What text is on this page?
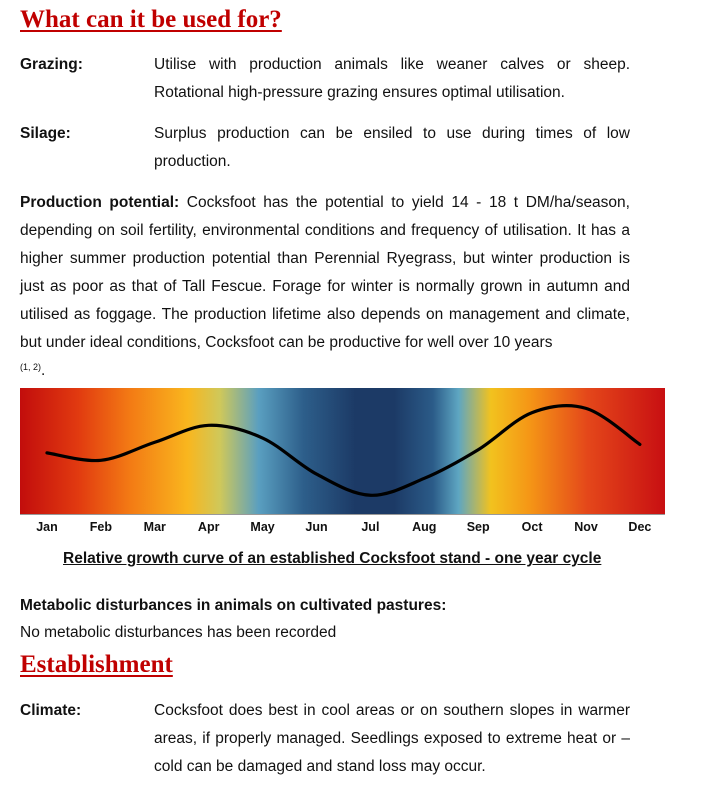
What can it be used for?
Grazing:	Utilise with production animals like weaner calves or sheep. Rotational high-pressure grazing ensures optimal utilisation.
Silage:	Surplus production can be ensiled to use during times of low production.

Production potential: Cocksfoot has the potential to yield 14 - 18 t DM/ha/season, depending on soil fertility, environmental conditions and frequency of utilisation. It has a higher summer production potential than Perennial Ryegrass, but winter production is just as poor as that of Tall Fescue. Forage for winter is normally grown in autumn and utilised as foggage. The production lifetime also depends on management and climate, but under ideal conditions, Cocksfoot can be productive for well over 10 years
$^{(1, 2)}$.

Jan	Feb	Mar	Apr May Jun	Jul	Aug Sep	Oct	Nov Dec
Relative growth curve of an established Cocksfoot stand - one year cycle
Metabolic disturbances in animals on cultivated pastures:
No metabolic disturbances has been recorded
Establishment
Climate:	Cocksfoot does best in cool areas or on southern slopes in warmer areas, if properly managed. Seedlings exposed to extreme heat or – cold can be damaged and stand loss may occur.
